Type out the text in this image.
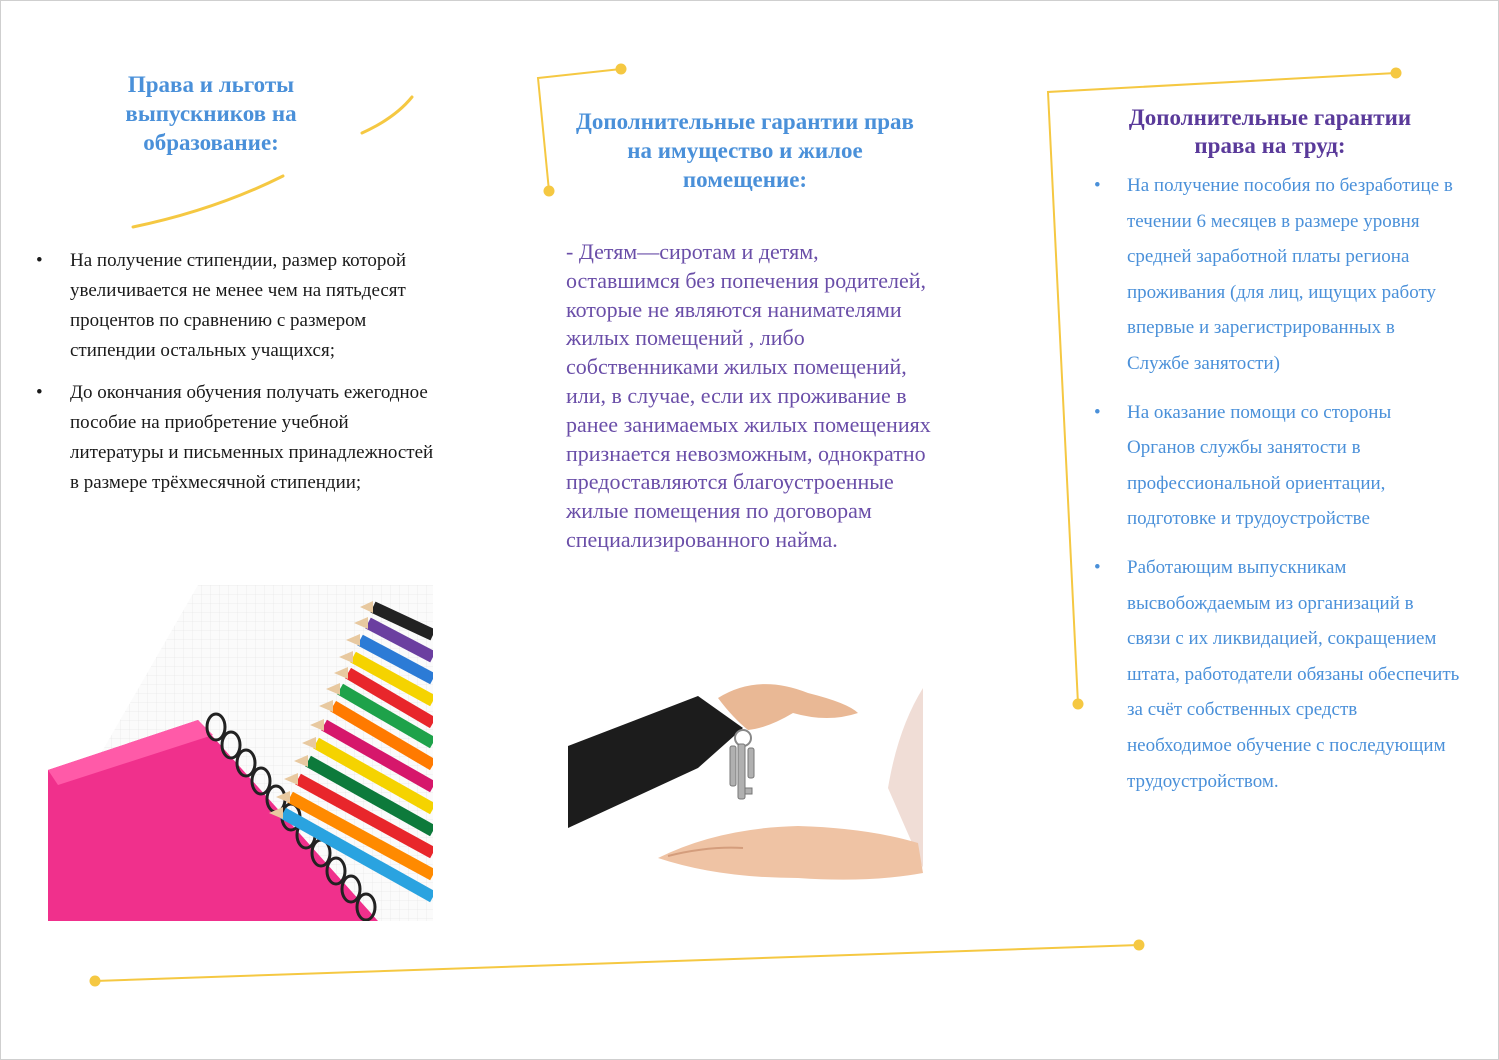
Права и льготы выпускников на образование:
• На получение стипендии, размер которой увеличивается не менее чем на пятьдесят процентов по сравнению с размером стипендии остальных учащихся;
• До окончания обучения получать ежегодное пособие на приобретение учебной литературы и письменных принадлежностей в размере трёхмесячной стипендии;
Дополнительные гарантии прав на имущество и жилое помещение:

- Детям—сиротам и детям, оставшимся без попечения родителей, которые не являются нанимателями жилых помещений , либо собственниками жилых помещений, или, в случае, если их проживание в ранее занимаемых жилых помещениях признается невозможным, однократно предоставляются благоустроенные жилые помещения по договорам специализированного найма.

Дополнительные гарантии права на труд:
• На получение пособия по безработице в течении 6 месяцев в размере уровня средней заработной платы региона проживания (для лиц, ищущих работу впервые и зарегистрированных в Службе занятости)
• На оказание помощи со стороны Органов службы занятости в профессиональной ориентации, подготовке и трудоустройстве
• Работающим выпускникам высвобождаемым из организаций в связи с их ликвидацией, сокращением штата, работодатели обязаны обеспечить за счёт собственных средств необходимое обучение с последующим трудоустройством.
